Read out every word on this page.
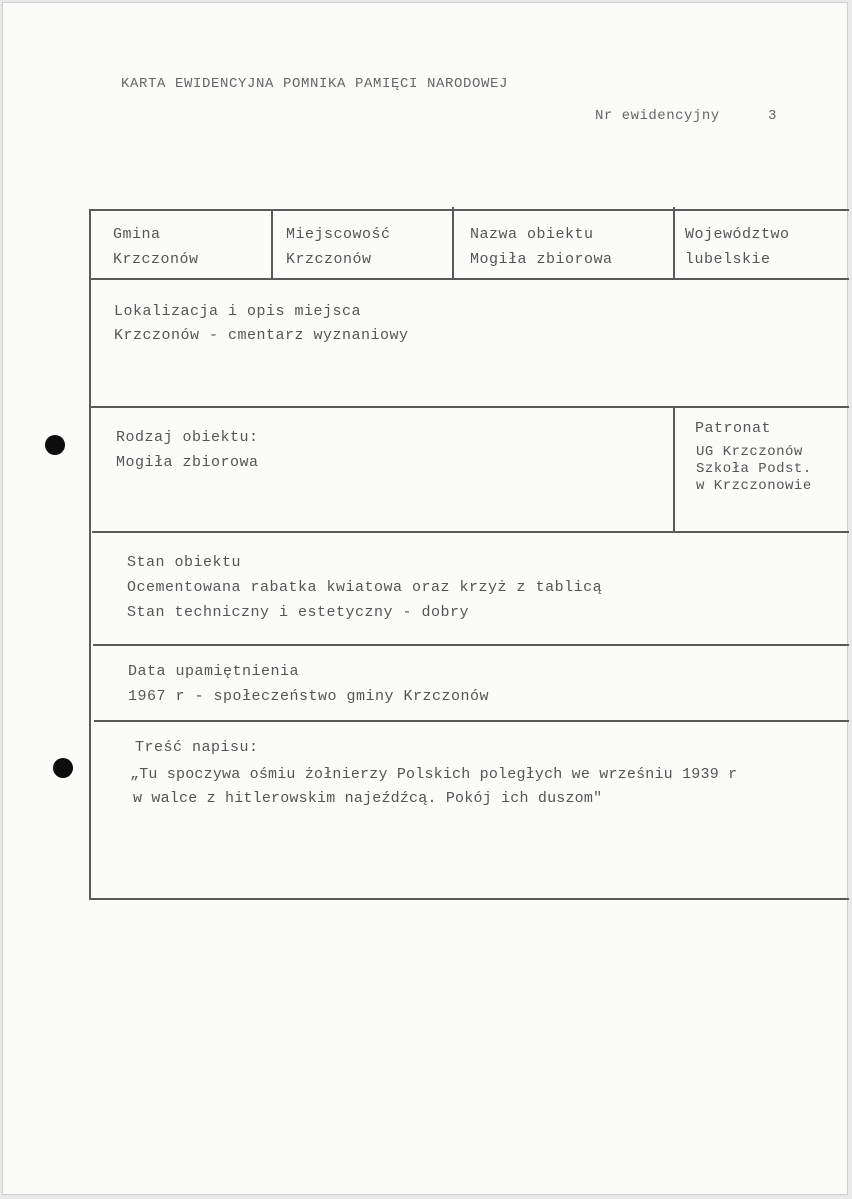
KARTA EWIDENCYJNA POMNIKA PAMIĘCI NARODOWEJ
Nr ewidencyjny	3
Gmina
Krzczonów
Miejscowość
Krzczonów
Nazwa obiektu
Mogiła zbiorowa
Województwo
lubelskie
Lokalizacja i opis miejsca
Krzczonów - cmentarz wyznaniowy
Rodzaj obiektu:
Mogiła zbiorowa
Patronat
UG Krzczonów
Szkoła Podst.
w Krzczonowie
Stan obiektu
Ocementowana rabatka kwiatowa oraz krzyż z tablicą
Stan techniczny i estetyczny - dobry
Data upamiętnienia
1967 r - społeczeństwo gminy Krzczonów
Treść napisu:
„Tu spoczywa ośmiu żołnierzy Polskich poległych we wrześniu 1939 r
w walce z hitlerowskim najeźdźcą. Pokój ich duszom"
